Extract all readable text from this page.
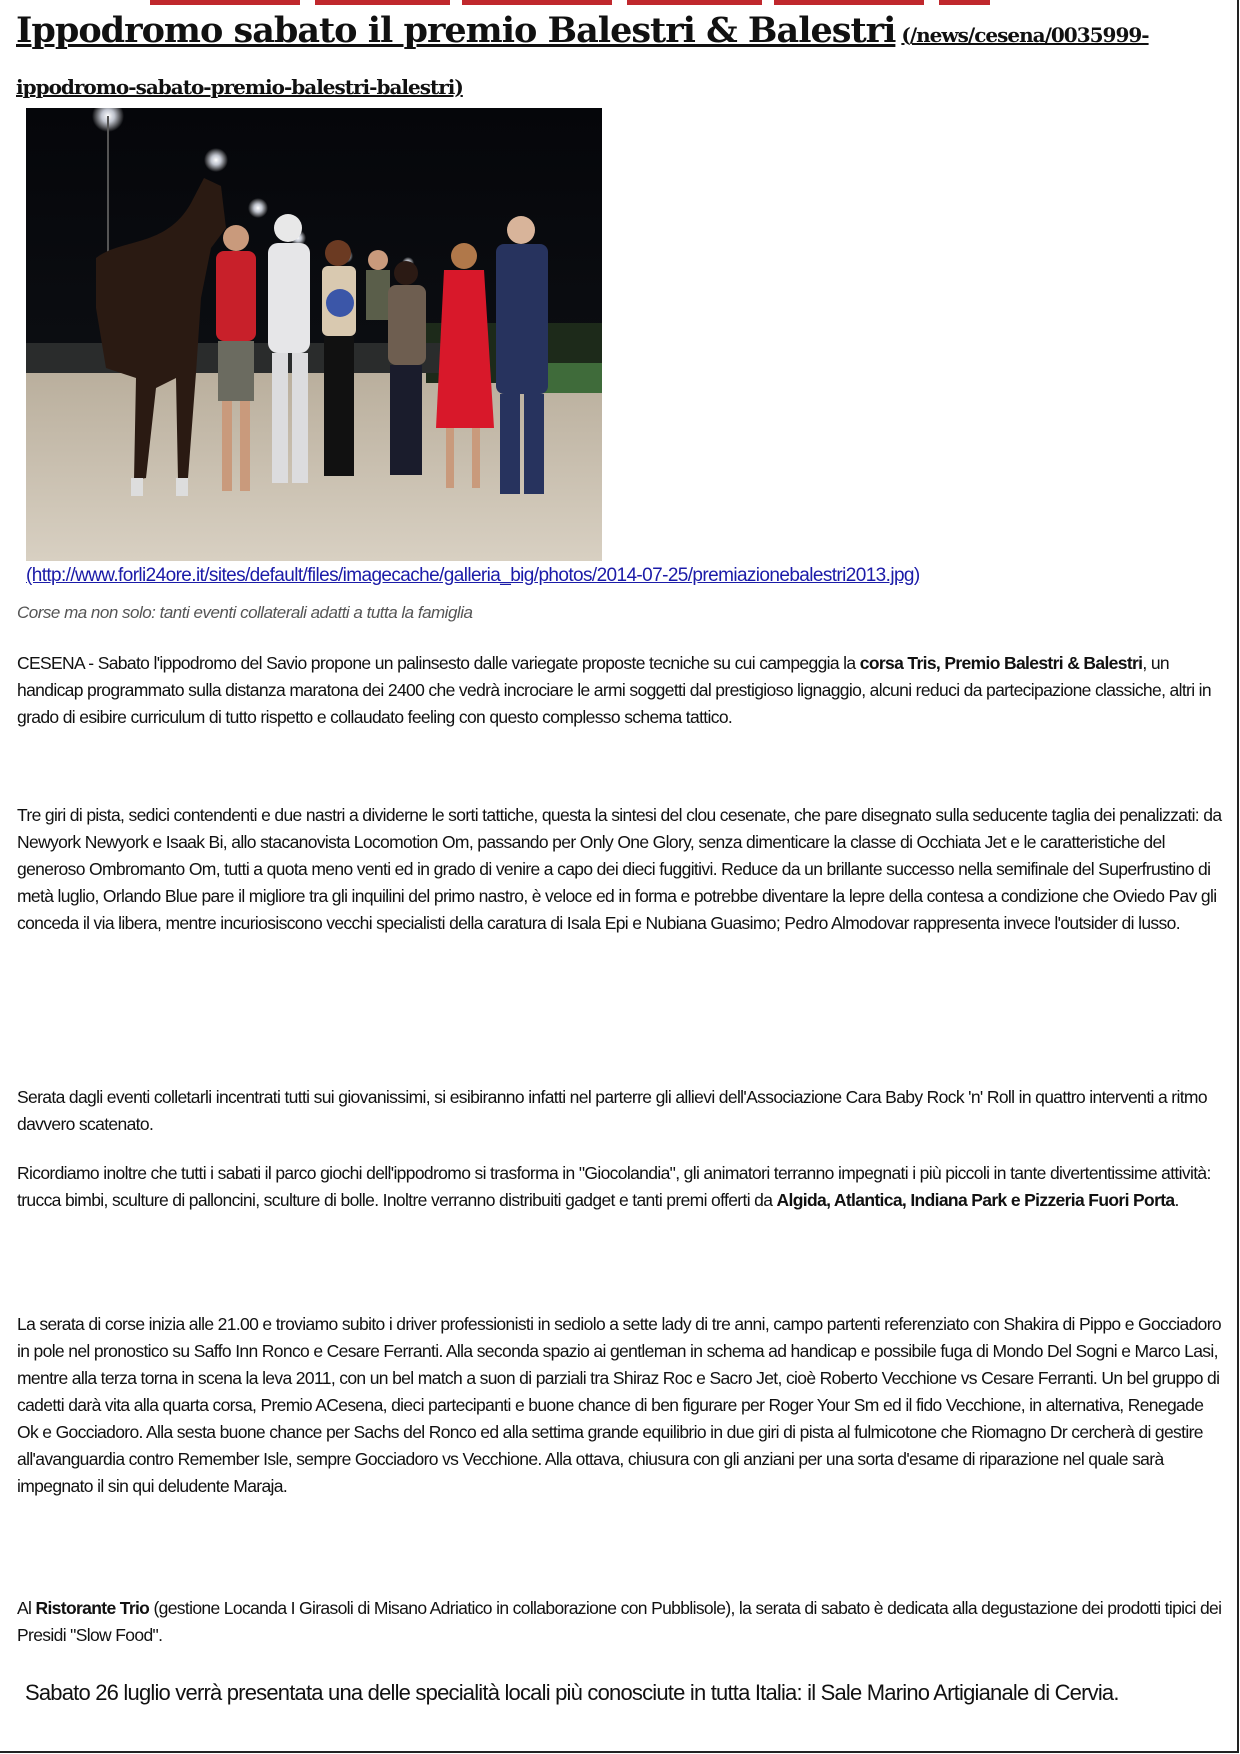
Ippodromo sabato il premio Balestri & Balestri (/news/cesena/0035999-ippodromo-sabato-premio-balestri-balestri)
(http://www.forli24ore.it/sites/default/files/imagecache/galleria_big/photos/2014-07-25/premiazionebalestri2013.jpg)
Corse ma non solo: tanti eventi collaterali adatti a tutta la famiglia
CESENA - Sabato l'ippodromo del Savio propone un palinsesto dalle variegate proposte tecniche su cui campeggia la corsa Tris, Premio Balestri & Balestri, un handicap programmato sulla distanza maratona dei 2400 che vedrà incrociare le armi soggetti dal prestigioso lignaggio, alcuni reduci da partecipazione classiche, altri in grado di esibire curriculum di tutto rispetto e collaudato feeling con questo complesso schema tattico.
Tre giri di pista, sedici contendenti e due nastri a dividerne le sorti tattiche, questa la sintesi del clou cesenate, che pare disegnato sulla seducente taglia dei penalizzati: da Newyork Newyork e Isaak Bi, allo stacanovista Locomotion Om, passando per Only One Glory, senza dimenticare la classe di Occhiata Jet e le caratteristiche del generoso Ombromanto Om, tutti a quota meno venti ed in grado di venire a capo dei dieci fuggitivi. Reduce da un brillante successo nella semifinale del Superfrustino di metà luglio, Orlando Blue pare il migliore tra gli inquilini del primo nastro, è veloce ed in forma e potrebbe diventare la lepre della contesa a condizione che Oviedo Pav gli conceda il via libera, mentre incuriosiscono vecchi specialisti della caratura di Isala Epi e Nubiana Guasimo; Pedro Almodovar rappresenta invece l'outsider di lusso.
Serata dagli eventi colletarli incentrati tutti sui giovanissimi, si esibiranno infatti nel parterre gli allievi dell'Associazione Cara Baby Rock 'n' Roll in quattro interventi a ritmo davvero scatenato.
Ricordiamo inoltre che tutti i sabati il parco giochi dell'ippodromo si trasforma in "Giocolandia", gli animatori terranno impegnati i più piccoli in tante divertentissime attività: trucca bimbi, sculture di palloncini, sculture di bolle. Inoltre verranno distribuiti gadget e tanti premi offerti da Algida, Atlantica, Indiana Park e Pizzeria Fuori Porta.
La serata di corse inizia alle 21.00 e troviamo subito i driver professionisti in sediolo a sette lady di tre anni, campo partenti referenziato con Shakira di Pippo e Gocciadoro in pole nel pronostico su Saffo Inn Ronco e Cesare Ferranti. Alla seconda spazio ai gentleman in schema ad handicap e possibile fuga di Mondo Del Sogni e Marco Lasi, mentre alla terza torna in scena la leva 2011, con un bel match a suon di parziali tra Shiraz Roc e Sacro Jet, cioè Roberto Vecchione vs Cesare Ferranti. Un bel gruppo di cadetti darà vita alla quarta corsa, Premio ACesena, dieci partecipanti e buone chance di ben figurare per Roger Your Sm ed il fido Vecchione, in alternativa, Renegade Ok e Gocciadoro. Alla sesta buone chance per Sachs del Ronco ed alla settima grande equilibrio in due giri di pista al fulmicotone che Riomagno Dr cercherà di gestire all'avanguardia contro Remember Isle, sempre Gocciadoro vs Vecchione. Alla ottava, chiusura con gli anziani per una sorta d'esame di riparazione nel quale sarà impegnato il sin qui deludente Maraja.
Al Ristorante Trio (gestione Locanda I Girasoli di Misano Adriatico in collaborazione con Pubblisole), la serata di sabato è dedicata alla degustazione dei prodotti tipici dei Presidi "Slow Food".
Sabato 26 luglio verrà presentata una delle specialità locali più conosciute in tutta Italia: il Sale Marino Artigianale di Cervia.
